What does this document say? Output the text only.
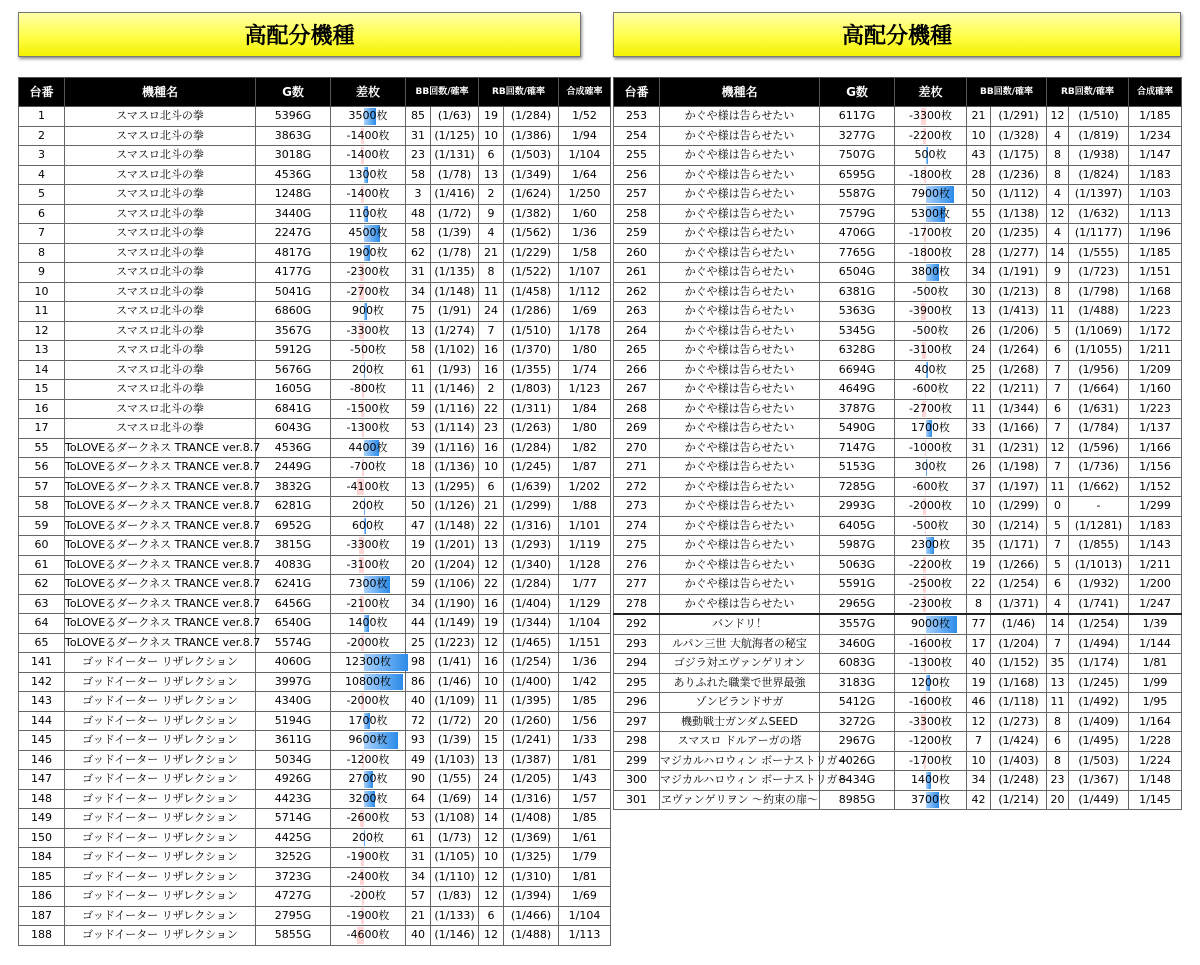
高配分機種
台番	機種名	G数	差枚	BB回数/確率		RB回数/確率		合成確率
1	スマスロ北斗の拳	5396G	3500枚	85	(1/63)	19	(1/284)	1/52
2	スマスロ北斗の拳	3863G	-1400枚	31	(1/125)	10	(1/386)	1/94
3	スマスロ北斗の拳	3018G	-1400枚	23	(1/131)	6	(1/503)	1/104
4	スマスロ北斗の拳	4536G	1300枚	58	(1/78)	13	(1/349)	1/64
5	スマスロ北斗の拳	1248G	-1400枚	3	(1/416)	2	(1/624)	1/250
6	スマスロ北斗の拳	3440G	1100枚	48	(1/72)	9	(1/382)	1/60
7	スマスロ北斗の拳	2247G	4500枚	58	(1/39)	4	(1/562)	1/36
8	スマスロ北斗の拳	4817G	1900枚	62	(1/78)	21	(1/229)	1/58
9	スマスロ北斗の拳	4177G	-2300枚	31	(1/135)	8	(1/522)	1/107
10	スマスロ北斗の拳	5041G	-2700枚	34	(1/148)	11	(1/458)	1/112
11	スマスロ北斗の拳	6860G	900枚	75	(1/91)	24	(1/286)	1/69
12	スマスロ北斗の拳	3567G	-3300枚	13	(1/274)	7	(1/510)	1/178
13	スマスロ北斗の拳	5912G	-500枚	58	(1/102)	16	(1/370)	1/80
14	スマスロ北斗の拳	5676G	200枚	61	(1/93)	16	(1/355)	1/74
15	スマスロ北斗の拳	1605G	-800枚	11	(1/146)	2	(1/803)	1/123
16	スマスロ北斗の拳	6841G	-1500枚	59	(1/116)	22	(1/311)	1/84
17	スマスロ北斗の拳	6043G	-1300枚	53	(1/114)	23	(1/263)	1/80
55	ToLOVEるダークネス TRANCE ver.8.7	4536G	4400枚	39	(1/116)	16	(1/284)	1/82
56	ToLOVEるダークネス TRANCE ver.8.7	2449G	-700枚	18	(1/136)	10	(1/245)	1/87
57	ToLOVEるダークネス TRANCE ver.8.7	3832G	-4100枚	13	(1/295)	6	(1/639)	1/202
58	ToLOVEるダークネス TRANCE ver.8.7	6281G	200枚	50	(1/126)	21	(1/299)	1/88
59	ToLOVEるダークネス TRANCE ver.8.7	6952G	600枚	47	(1/148)	22	(1/316)	1/101
60	ToLOVEるダークネス TRANCE ver.8.7	3815G	-3300枚	19	(1/201)	13	(1/293)	1/119
61	ToLOVEるダークネス TRANCE ver.8.7	4083G	-3100枚	20	(1/204)	12	(1/340)	1/128
62	ToLOVEるダークネス TRANCE ver.8.7	6241G	7300枚	59	(1/106)	22	(1/284)	1/77
63	ToLOVEるダークネス TRANCE ver.8.7	6456G	-2100枚	34	(1/190)	16	(1/404)	1/129
64	ToLOVEるダークネス TRANCE ver.8.7	6540G	1400枚	44	(1/149)	19	(1/344)	1/104
65	ToLOVEるダークネス TRANCE ver.8.7	5574G	-2000枚	25	(1/223)	12	(1/465)	1/151
141	ゴッドイーター リザレクション	4060G	12300枚	98	(1/41)	16	(1/254)	1/36
142	ゴッドイーター リザレクション	3997G	10800枚	86	(1/46)	10	(1/400)	1/42
143	ゴッドイーター リザレクション	4340G	-2000枚	40	(1/109)	11	(1/395)	1/85
144	ゴッドイーター リザレクション	5194G	1700枚	72	(1/72)	20	(1/260)	1/56
145	ゴッドイーター リザレクション	3611G	9600枚	93	(1/39)	15	(1/241)	1/33
146	ゴッドイーター リザレクション	5034G	-1200枚	49	(1/103)	13	(1/387)	1/81
147	ゴッドイーター リザレクション	4926G	2700枚	90	(1/55)	24	(1/205)	1/43
148	ゴッドイーター リザレクション	4423G	3200枚	64	(1/69)	14	(1/316)	1/57
149	ゴッドイーター リザレクション	5714G	-2600枚	53	(1/108)	14	(1/408)	1/85
150	ゴッドイーター リザレクション	4425G	200枚	61	(1/73)	12	(1/369)	1/61
184	ゴッドイーター リザレクション	3252G	-1900枚	31	(1/105)	10	(1/325)	1/79
185	ゴッドイーター リザレクション	3723G	-2400枚	34	(1/110)	12	(1/310)	1/81
186	ゴッドイーター リザレクション	4727G	-200枚	57	(1/83)	12	(1/394)	1/69
187	ゴッドイーター リザレクション	2795G	-1900枚	21	(1/133)	6	(1/466)	1/104
188	ゴッドイーター リザレクション	5855G	-4600枚	40	(1/146)	12	(1/488)	1/113
高配分機種
台番	機種名	G数	差枚	BB回数/確率		RB回数/確率		合成確率
253	かぐや様は告らせたい	6117G	-3300枚	21	(1/291)	12	(1/510)	1/185
254	かぐや様は告らせたい	3277G	-2200枚	10	(1/328)	4	(1/819)	1/234
255	かぐや様は告らせたい	7507G	500枚	43	(1/175)	8	(1/938)	1/147
256	かぐや様は告らせたい	6595G	-1800枚	28	(1/236)	8	(1/824)	1/183
257	かぐや様は告らせたい	5587G	7900枚	50	(1/112)	4	(1/1397)	1/103
258	かぐや様は告らせたい	7579G	5300枚	55	(1/138)	12	(1/632)	1/113
259	かぐや様は告らせたい	4706G	-1700枚	20	(1/235)	4	(1/1177)	1/196
260	かぐや様は告らせたい	7765G	-1800枚	28	(1/277)	14	(1/555)	1/185
261	かぐや様は告らせたい	6504G	3800枚	34	(1/191)	9	(1/723)	1/151
262	かぐや様は告らせたい	6381G	-500枚	30	(1/213)	8	(1/798)	1/168
263	かぐや様は告らせたい	5363G	-3900枚	13	(1/413)	11	(1/488)	1/223
264	かぐや様は告らせたい	5345G	-500枚	26	(1/206)	5	(1/1069)	1/172
265	かぐや様は告らせたい	6328G	-3100枚	24	(1/264)	6	(1/1055)	1/211
266	かぐや様は告らせたい	6694G	400枚	25	(1/268)	7	(1/956)	1/209
267	かぐや様は告らせたい	4649G	-600枚	22	(1/211)	7	(1/664)	1/160
268	かぐや様は告らせたい	3787G	-2700枚	11	(1/344)	6	(1/631)	1/223
269	かぐや様は告らせたい	5490G	1700枚	33	(1/166)	7	(1/784)	1/137
270	かぐや様は告らせたい	7147G	-1000枚	31	(1/231)	12	(1/596)	1/166
271	かぐや様は告らせたい	5153G	300枚	26	(1/198)	7	(1/736)	1/156
272	かぐや様は告らせたい	7285G	-600枚	37	(1/197)	11	(1/662)	1/152
273	かぐや様は告らせたい	2993G	-2000枚	10	(1/299)	0	-	1/299
274	かぐや様は告らせたい	6405G	-500枚	30	(1/214)	5	(1/1281)	1/183
275	かぐや様は告らせたい	5987G	2300枚	35	(1/171)	7	(1/855)	1/143
276	かぐや様は告らせたい	5063G	-2200枚	19	(1/266)	5	(1/1013)	1/211
277	かぐや様は告らせたい	5591G	-2500枚	22	(1/254)	6	(1/932)	1/200
278	かぐや様は告らせたい	2965G	-2300枚	8	(1/371)	4	(1/741)	1/247
292	バンドリ！	3557G	9000枚	77	(1/46)	14	(1/254)	1/39
293	ルパン三世 大航海者の秘宝	3460G	-1600枚	17	(1/204)	7	(1/494)	1/144
294	ゴジラ対エヴァンゲリオン	6083G	-1300枚	40	(1/152)	35	(1/174)	1/81
295	ありふれた職業で世界最強	3183G	1200枚	19	(1/168)	13	(1/245)	1/99
296	ゾンビランドサガ	5412G	-1600枚	46	(1/118)	11	(1/492)	1/95
297	機動戦士ガンダムSEED	3272G	-3300枚	12	(1/273)	8	(1/409)	1/164
298	スマスロ ドルアーガの塔	2967G	-1200枚	7	(1/424)	6	(1/495)	1/228
299	マジカルハロウィン ボーナストリガー	4026G	-1700枚	10	(1/403)	8	(1/503)	1/224
300	マジカルハロウィン ボーナストリガー	8434G	1400枚	34	(1/248)	23	(1/367)	1/148
301	ヱヴァンゲリヲン ～約束の扉～	8985G	3700枚	42	(1/214)	20	(1/449)	1/145
